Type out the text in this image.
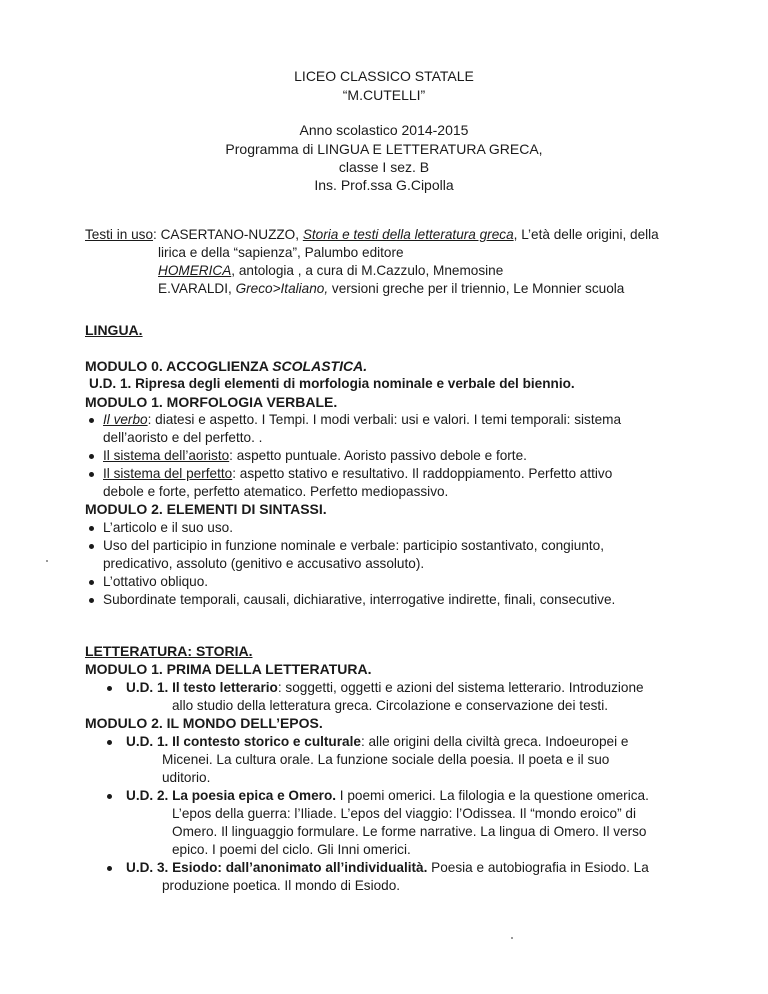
LICEO CLASSICO STATALE
“M.CUTELLI”
Anno scolastico 2014-2015
Programma di LINGUA E LETTERATURA GRECA,
classe I sez. B
Ins. Prof.ssa G.Cipolla
Testi in uso: CASERTANO-NUZZO, Storia e testi della letteratura greca, L’età delle origini, della
lirica e della “sapienza”, Palumbo editore
HOMERICA, antologia , a cura di M.Cazzulo, Mnemosine
E.VARALDI, Greco>Italiano, versioni greche per il triennio, Le Monnier scuola
LINGUA.
MODULO 0. ACCOGLIENZA SCOLASTICA.
U.D. 1. Ripresa degli elementi di morfologia nominale e verbale del biennio.
MODULO 1. MORFOLOGIA VERBALE.
Il verbo: diatesi e aspetto. I Tempi. I modi verbali: usi e valori. I temi temporali: sistema
dell’aoristo e del perfetto. .
Il sistema dell’aoristo: aspetto puntuale. Aoristo passivo debole e forte.
Il sistema del perfetto: aspetto stativo e resultativo. Il raddoppiamento. Perfetto attivo
debole e forte, perfetto atematico. Perfetto mediopassivo.
MODULO 2. ELEMENTI DI SINTASSI.
L’articolo e il suo uso.
Uso del participio in funzione nominale e verbale: participio sostantivato, congiunto,
predicativo, assoluto (genitivo e accusativo assoluto).
L’ottativo obliquo.
Subordinate temporali, causali, dichiarative, interrogative indirette, finali, consecutive.
LETTERATURA: STORIA.
MODULO 1. PRIMA DELLA LETTERATURA.
U.D. 1. Il testo letterario: soggetti, oggetti e azioni del sistema letterario. Introduzione
allo studio della letteratura greca. Circolazione e conservazione dei testi.
MODULO 2. IL MONDO DELL’EPOS.
U.D. 1. Il contesto storico e culturale: alle origini della civiltà greca. Indoeuropei e
Micenei. La cultura orale. La funzione sociale della poesia. Il poeta e il suo
uditorio.
U.D. 2. La poesia epica e Omero. I poemi omerici. La filologia e la questione omerica.
L’epos della guerra: l’Iliade. L’epos del viaggio: l’Odissea. Il “mondo eroico” di
Omero. Il linguaggio formulare. Le forme narrative. La lingua di Omero. Il verso
epico. I poemi del ciclo. Gli Inni omerici.
U.D. 3. Esiodo: dall’anonimato all’individualità. Poesia e autobiografia in Esiodo. La
produzione poetica. Il mondo di Esiodo.
